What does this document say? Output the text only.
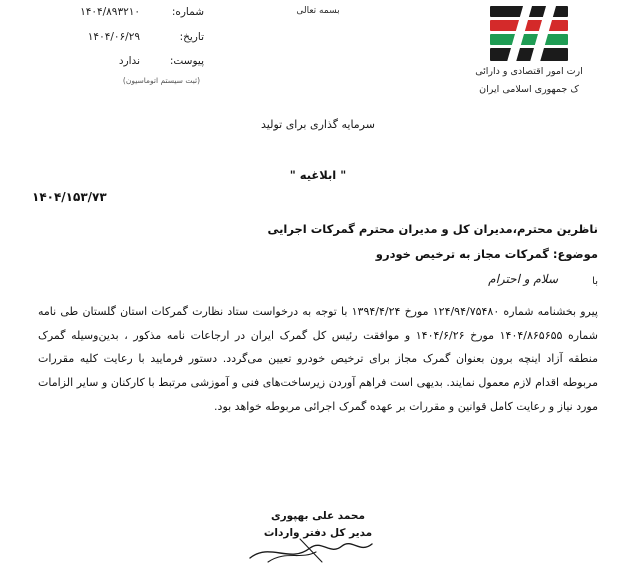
بسمه تعالی
ارت امور اقتصادی و دارائی
ک جمهوری اسلامی ایران
شماره:
۱۴۰۴/۸۹۳۲۱۰
تاریخ:
۱۴۰۴/۰۶/۲۹
پیوست:
ندارد
(ثبت سیستم اتوماسیون)
سرمایه گذاری برای تولید
" ابلاغیه "
۱۴۰۴/۱۵۳/۷۳
ناظرین محترم،مدیران کل و مدیران محترم گمرکات اجرایی
موضوع: گمرکات مجاز به ترخیص خودرو
با
سلام و احترام

پیرو بخشنامه شماره ۱۲۴/۹۴/۷۵۴۸۰ مورخ ۱۳۹۴/۴/۲۴ با توجه به درخواست ستاد نظارت گمرکات استان گلستان طی نامه شماره ۱۴۰۴/۸۶۵۶۵۵ مورخ ۱۴۰۴/۶/۲۶ و موافقت رئیس کل گمرک ایران در ارجاعات نامه مذکور ، بدین‌وسیله گمرک منطقه آزاد اینچه برون بعنوان گمرک مجاز برای ترخیص خودرو تعیین می‌گردد. دستور فرمایید با رعایت کلیه مقررات مربوطه اقدام لازم معمول نمایند. بدیهی است فراهم آوردن زیرساخت‌های فنی و آموزشی مرتبط با کارکنان و سایر الزامات مورد نیاز و رعایت کامل قوانین و مقررات بر عهده گمرک اجرائی مربوطه خواهد بود.

محمد علی بهپوری
مدیر کل دفتر واردات
